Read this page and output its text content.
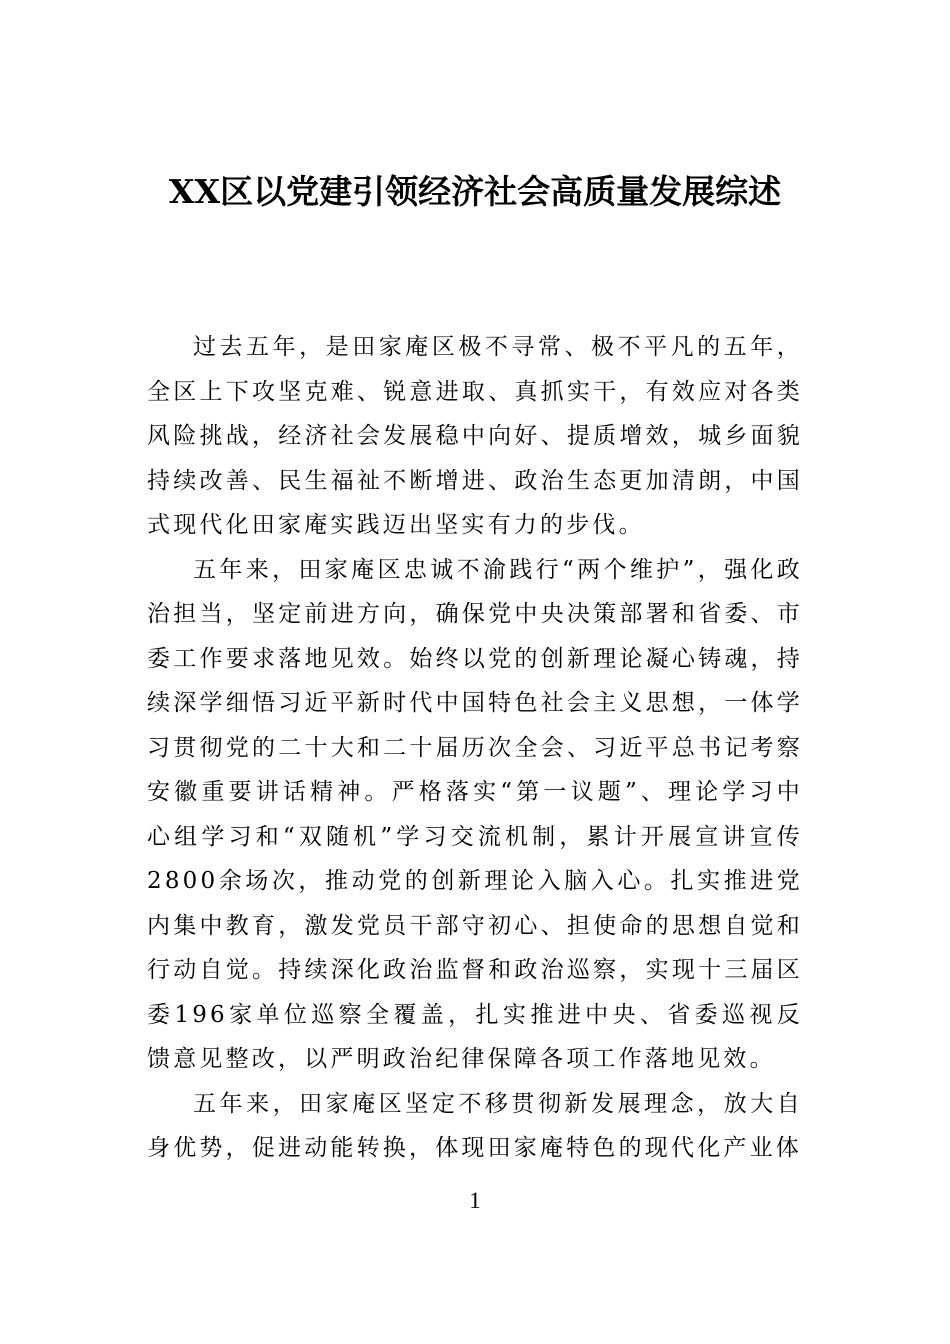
XX区以党建引领经济社会高质量发展综述

过去五年，是田家庵区极不寻常、极不平凡的五年，全区上下攻坚克难、锐意进取、真抓实干，有效应对各类风险挑战，经济社会发展稳中向好、提质增效，城乡面貌持续改善、民生福祉不断增进、政治生态更加清朗，中国式现代化田家庵实践迈出坚实有力的步伐。

五年来，田家庵区忠诚不渝践行“两个维护”，强化政治担当，坚定前进方向，确保党中央决策部署和省委、市委工作要求落地见效。始终以党的创新理论凝心铸魂，持续深学细悟习近平新时代中国特色社会主义思想，一体学习贯彻党的二十大和二十届历次全会、习近平总书记考察安徽重要讲话精神。严格落实“第一议题”、理论学习中心组学习和“双随机”学习交流机制，累计开展宣讲宣传2800余场次，推动党的创新理论入脑入心。扎实推进党内集中教育，激发党员干部守初心、担使命的思想自觉和行动自觉。持续深化政治监督和政治巡察，实现十三届区委196家单位巡察全覆盖，扎实推进中央、省委巡视反馈意见整改，以严明政治纪律保障各项工作落地见效。

五年来，田家庵区坚定不移贯彻新发展理念，放大自身优势，促进动能转换，体现田家庵特色的现代化产业体

1
